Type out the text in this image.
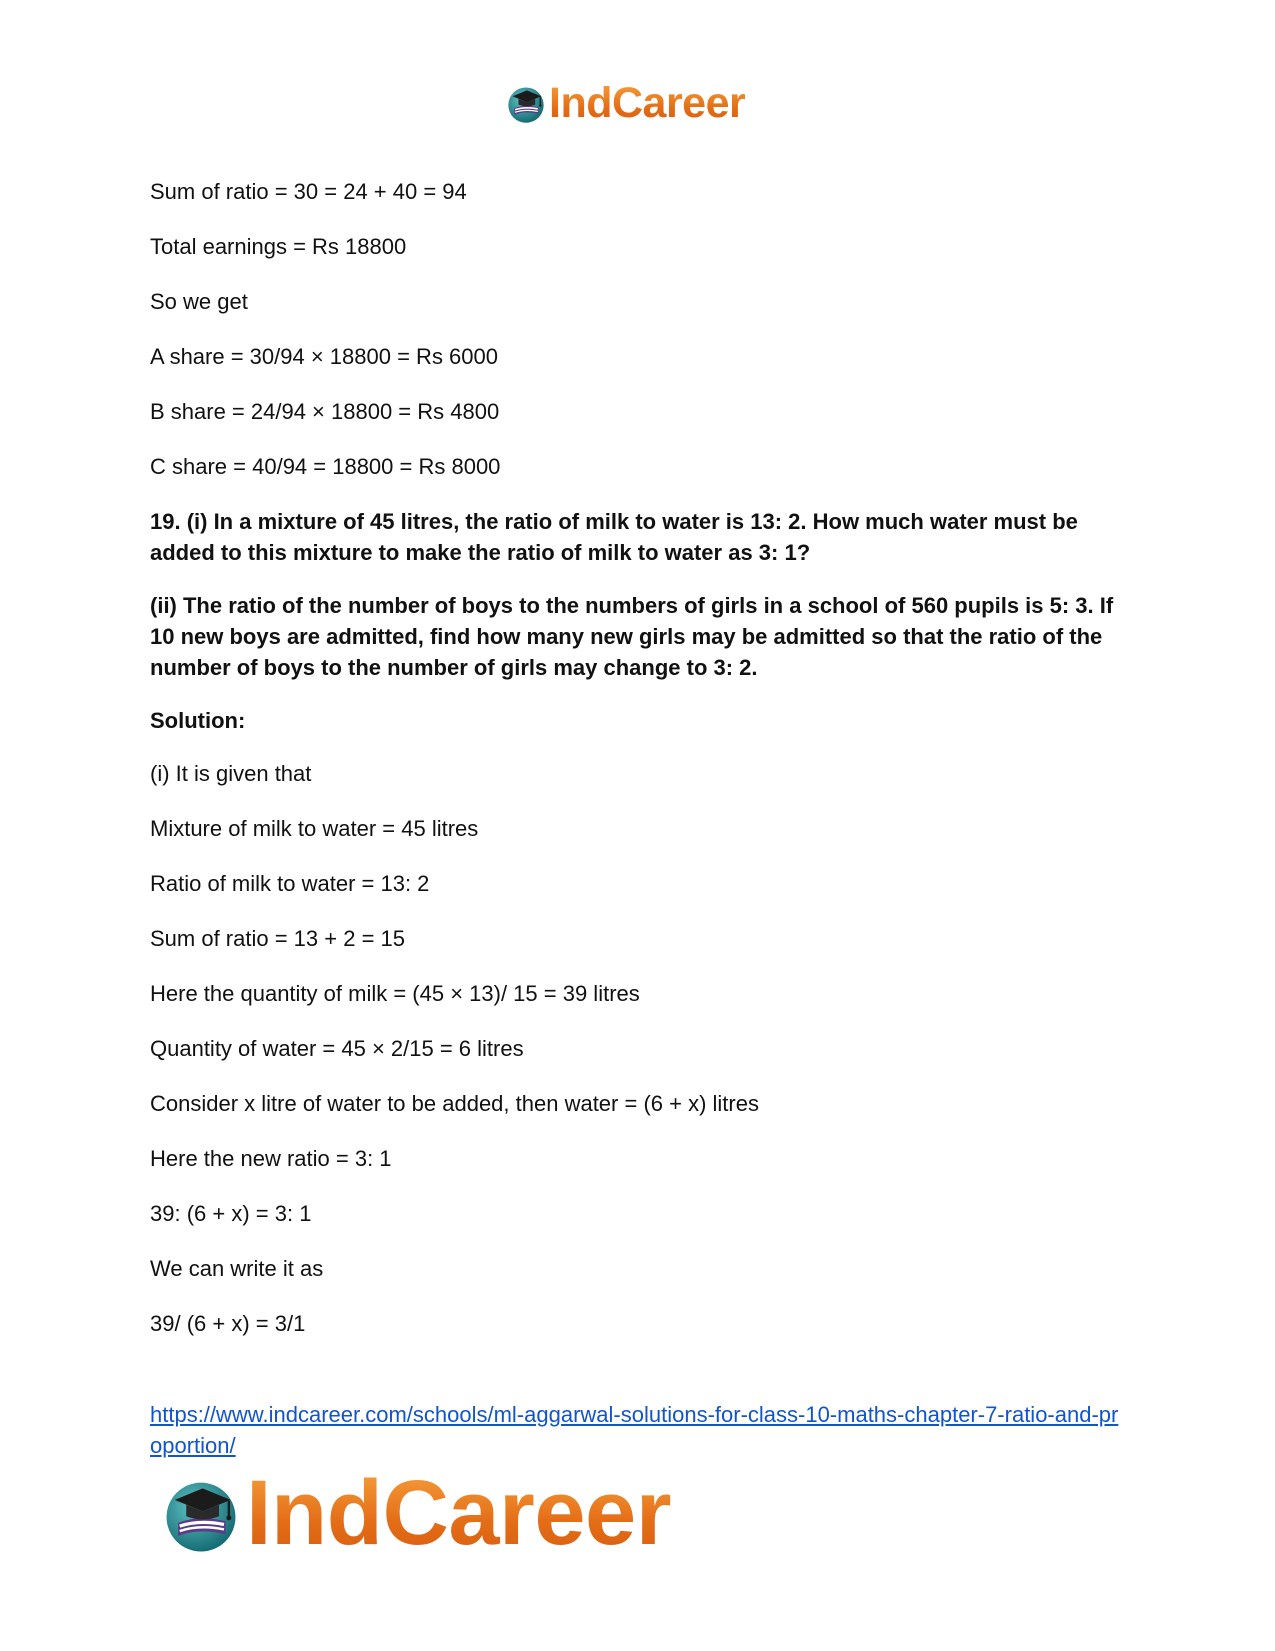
IndCareer

Sum of ratio = 30 = 24 + 40 = 94

Total earnings = Rs 18800

So we get

A share = 30/94 × 18800 = Rs 6000

B share = 24/94 × 18800 = Rs 4800

C share = 40/94 = 18800 = Rs 8000

19. (i) In a mixture of 45 litres, the ratio of milk to water is 13: 2. How much water must be added to this mixture to make the ratio of milk to water as 3: 1?

(ii) The ratio of the number of boys to the numbers of girls in a school of 560 pupils is 5: 3. If 10 new boys are admitted, find how many new girls may be admitted so that the ratio of the number of boys to the number of girls may change to 3: 2.

Solution:

(i) It is given that

Mixture of milk to water = 45 litres

Ratio of milk to water = 13: 2

Sum of ratio = 13 + 2 = 15

Here the quantity of milk = (45 × 13)/ 15 = 39 litres

Quantity of water = 45 × 2/15 = 6 litres

Consider x litre of water to be added, then water = (6 + x) litres

Here the new ratio = 3: 1

39: (6 + x) = 3: 1

We can write it as

39/ (6 + x) = 3/1

https://www.indcareer.com/schools/ml-aggarwal-solutions-for-class-10-maths-chapter-7-ratio-and-proportion/
IndCareer
